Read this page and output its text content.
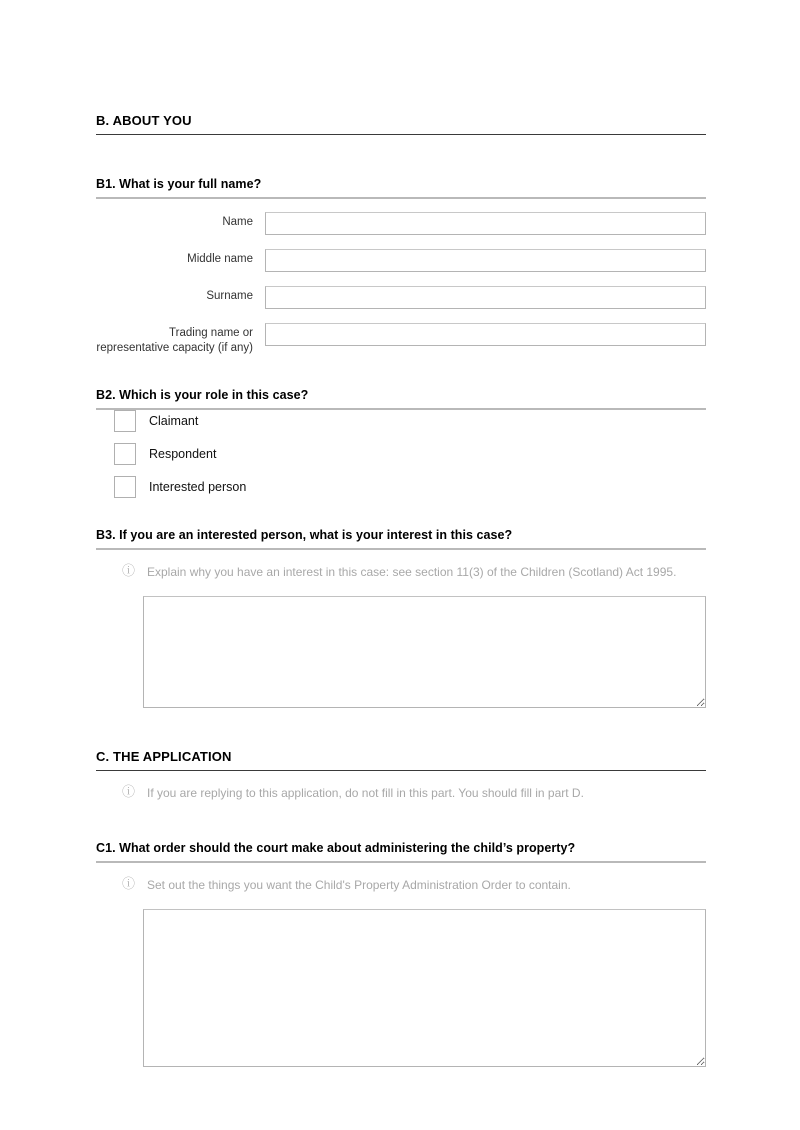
B. ABOUT YOU
B1. What is your full name?
Name
Middle name
Surname
Trading name or representative capacity (if any)
B2. Which is your role in this case?
Claimant
Respondent
Interested person
B3. If you are an interested person, what is your interest in this case?
ⓘ Explain why you have an interest in this case: see section 11(3) of the Children (Scotland) Act 1995.
C. THE APPLICATION
ⓘ If you are replying to this application, do not fill in this part. You should fill in part D.
C1. What order should the court make about administering the child’s property?
ⓘ Set out the things you want the Child's Property Administration Order to contain.
